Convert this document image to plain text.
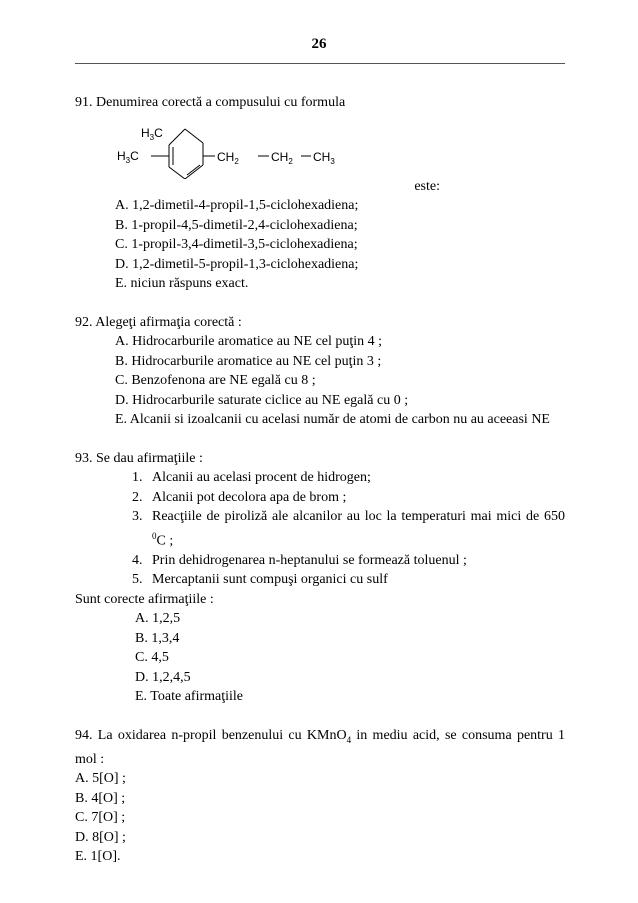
26

91. Denumirea corectă a compusului cu formula

$H_3C$
$H_3C$	$CH_2$	$CH_2$ $CH_3$
este:
A. 1,2-dimetil-4-propil-1,5-ciclohexadiena;
B. 1-propil-4,5-dimetil-2,4-ciclohexadiena;
C. 1-propil-3,4-dimetil-3,5-ciclohexadiena;
D. 1,2-dimetil-5-propil-1,3-ciclohexadiena;
E. niciun răspuns exact.

92. Alegeţi afirmaţia corectă :

A. Hidrocarburile aromatice au NE cel puţin 4 ;
B. Hidrocarburile aromatice au NE cel puţin 3 ;
C. Benzofenona are NE egală cu 8 ;
D. Hidrocarburile saturate ciclice au NE egală cu 0 ;
E. Alcanii si izoalcanii cu acelasi număr de atomi de carbon nu au aceeasi NE

93. Se dau afirmaţiile :

1. Alcanii au acelasi procent de hidrogen;
2. Alcanii pot decolora apa de brom ;
3. Reacţiile de piroliză ale alcanilor au loc la temperaturi mai mici de 650 $^0$C ;
4. Prin dehidrogenarea n-heptanului se formează toluenul ;
5. Mercaptanii sunt compuşi organici cu sulf

Sunt corecte afirmaţiile :

A. 1,2,5
B. 1,3,4
C. 4,5
D. 1,2,4,5
E. Toate afirmaţiile

94. La oxidarea n-propil benzenului cu KMnO$_4$ in mediu acid, se consuma pentru 1 mol :

A. 5[O] ;
B. 4[O] ;
C. 7[O] ;
D. 8[O] ;
E. 1[O].
